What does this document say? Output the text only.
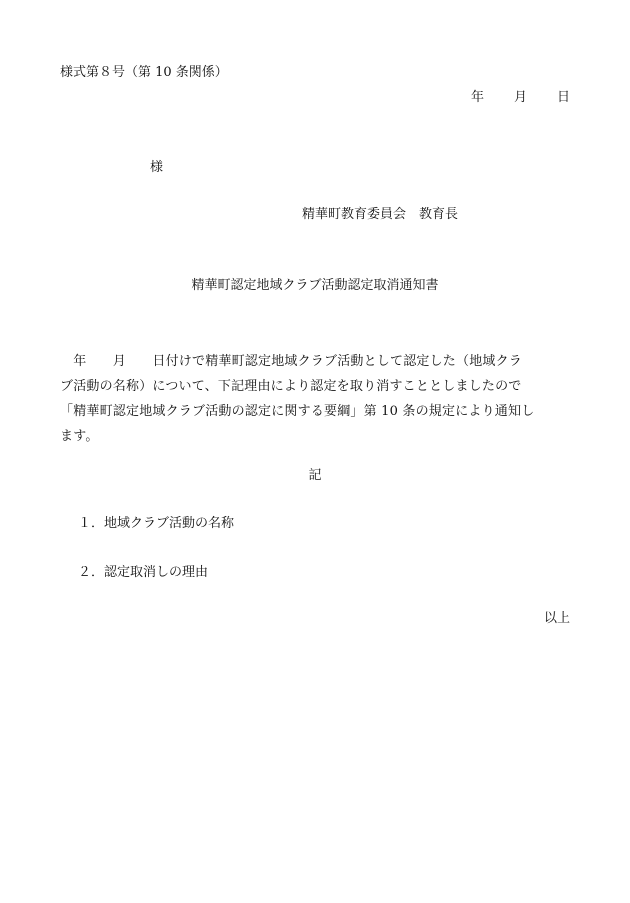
様式第８号（第 10 条関係）
年 月 日
様
精華町教育委員会　教育長
精華町認定地域クラブ活動認定取消通知書
　年　　月　　日付けで精華町認定地域クラブ活動として認定した（地域クラ
ブ活動の名称）について、下記理由により認定を取り消すこととしましたので
「精華町認定地域クラブ活動の認定に関する要綱」第 10 条の規定により通知し
ます。
記
１．地域クラブ活動の名称
２．認定取消しの理由
以上
